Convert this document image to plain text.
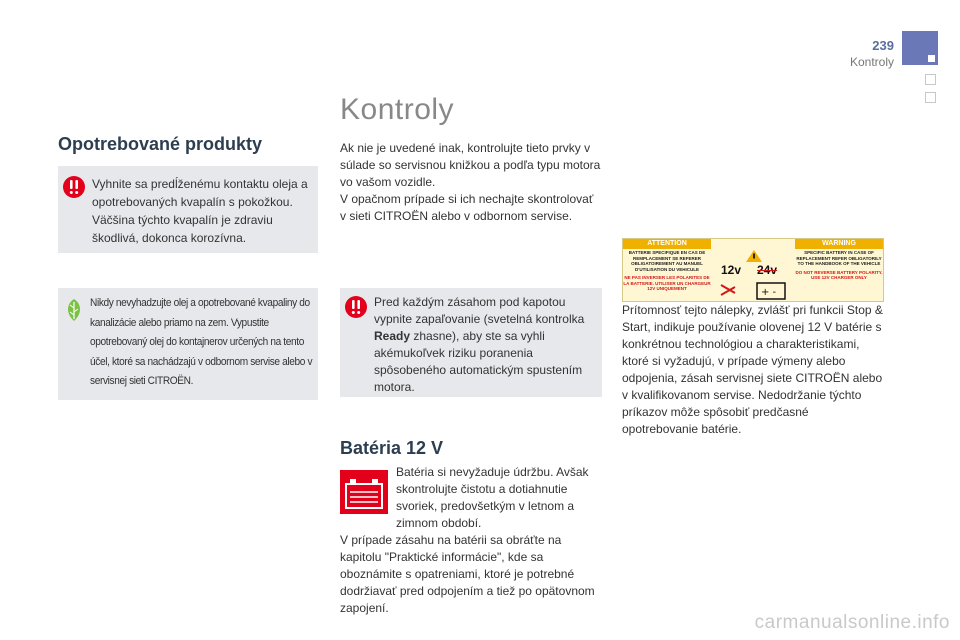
239
Kontroly
Kontroly
Opotrebované produkty
Vyhnite sa predĺženému kontaktu oleja a opotrebovaných kvapalín s pokožkou. Väčšina týchto kvapalín je zdraviu škodlivá, dokonca korozívna.
Nikdy nevyhadzujte olej a opotrebované kvapaliny do kanalizácie alebo priamo na zem. Vypustite opotrebovaný olej do kontajnerov určených na tento účel, ktoré sa nachádzajú v odbornom servise alebo v servisnej sieti CITROËN.
Ak nie je uvedené inak, kontrolujte tieto prvky v súlade so servisnou knižkou a podľa typu motora vo vašom vozidle.
V opačnom prípade si ich nechajte skontrolovať v sieti CITROËN alebo v odbornom servise.
Pred každým zásahom pod kapotou vypnite zapaľovanie (svetelná kontrolka Ready zhasne), aby ste sa vyhli akémukoľvek riziku poranenia spôsobeného automatickým spustením motora.
Batéria 12 V
Batéria si nevyžaduje údržbu. Avšak skontrolujte čistotu a dotiahnutie svoriek, predovšetkým v letnom a zimnom období.
V prípade zásahu na batérii sa obráťte na kapitolu "Praktické informácie", kde sa oboznámite s opatreniami, ktoré je potrebné dodržiavať pred odpojením a tiež po opätovnom zapojení.
ATTENTION	WARNING
BATTERIE SPECIFIQUE EN CAS DE REMPLACEMENT SE REFERER OBLIGATOIREMENT AU MANUEL D'UTILISATION DU VEHICULE
NE PAS INVERSER LES POLARITES DE LA BATTERIE. UTILISER UN CHARGEUR 12V UNIQUEMENT
12v 24v
+ -
SPECIFIC BATTERY IN CASE OF REPLACEMENT REFER OBLIGATORILY TO THE HANDBOOK OF THE VEHICLE
DO NOT REVERSE BATTERY POLARITY. USE 12V CHARGER ONLY
Prítomnosť tejto nálepky, zvlášť pri funkcii Stop & Start, indikuje používanie olovenej 12 V batérie s konkrétnou technológiou a charakteristikami, ktoré si vyžadujú, v prípade výmeny alebo odpojenia, zásah servisnej siete CITROËN alebo v kvalifikovanom servise. Nedodržanie týchto príkazov môže spôsobiť predčasné opotrebovanie batérie.
carmanualsonline.info
